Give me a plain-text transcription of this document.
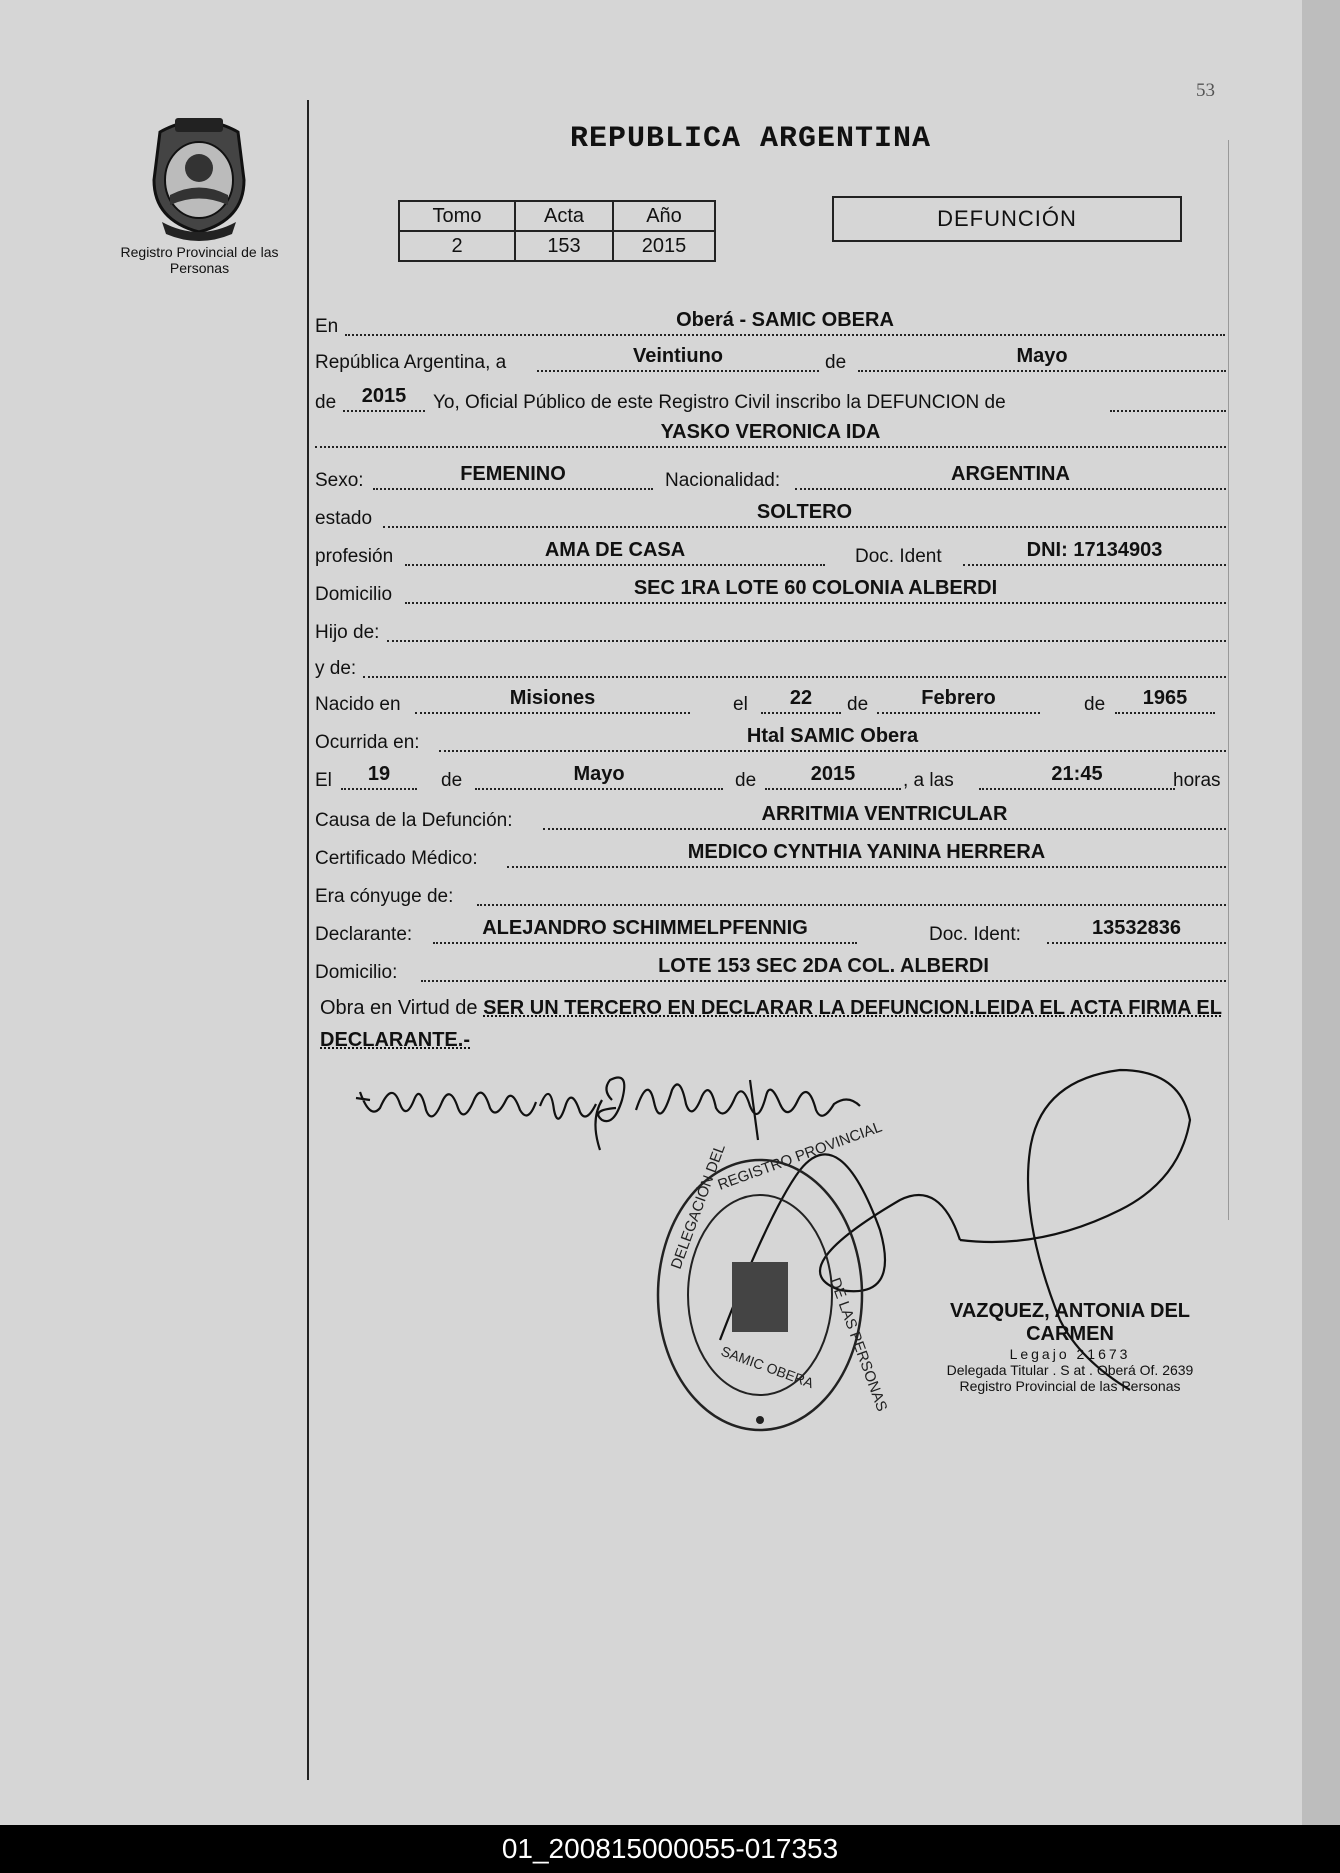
53
Registro Provincial de las Personas
REPUBLICA ARGENTINA
Tomo	Acta	Año
2	153	2015
DEFUNCIÓN
En	Oberá - SAMIC OBERA
República Argentina, a	Veintiuno	de	Mayo
de	2015	Yo, Oficial Público de este Registro Civil inscribo la DEFUNCION de
YASKO VERONICA IDA
Sexo:	FEMENINO	Nacionalidad:	ARGENTINA
estado	SOLTERO
profesión	AMA DE CASA	Doc. Ident	DNI: 17134903
Domicilio	SEC 1RA LOTE 60 COLONIA ALBERDI
Hijo de:
y de:
Nacido en	Misiones	el	22	de	Febrero	de	1965
Ocurrida en:	Htal SAMIC Obera
El	19	de	Mayo	de	2015	, a las	21:45	horas
Causa de la Defunción:	ARRITMIA VENTRICULAR
Certificado Médico:	MEDICO CYNTHIA YANINA HERRERA
Era cónyuge de:
Declarante:	ALEJANDRO SCHIMMELPFENNIG	Doc. Ident:	13532836
Domicilio:	LOTE 153 SEC 2DA COL. ALBERDI
Obra en Virtud de SER UN TERCERO EN DECLARAR LA DEFUNCION.LEIDA EL ACTA FIRMA EL DECLARANTE.-
DELEGACIÓN DEL
REGISTRO PROVINCIAL
DE LAS PERSONAS
SAMIC OBERA
VAZQUEZ, ANTONIA DEL CARMEN
Legajo 21673
Delegada Titular . S at . Oberá Of. 2639
Registro Provincial de las Personas
01_200815000055-017353
